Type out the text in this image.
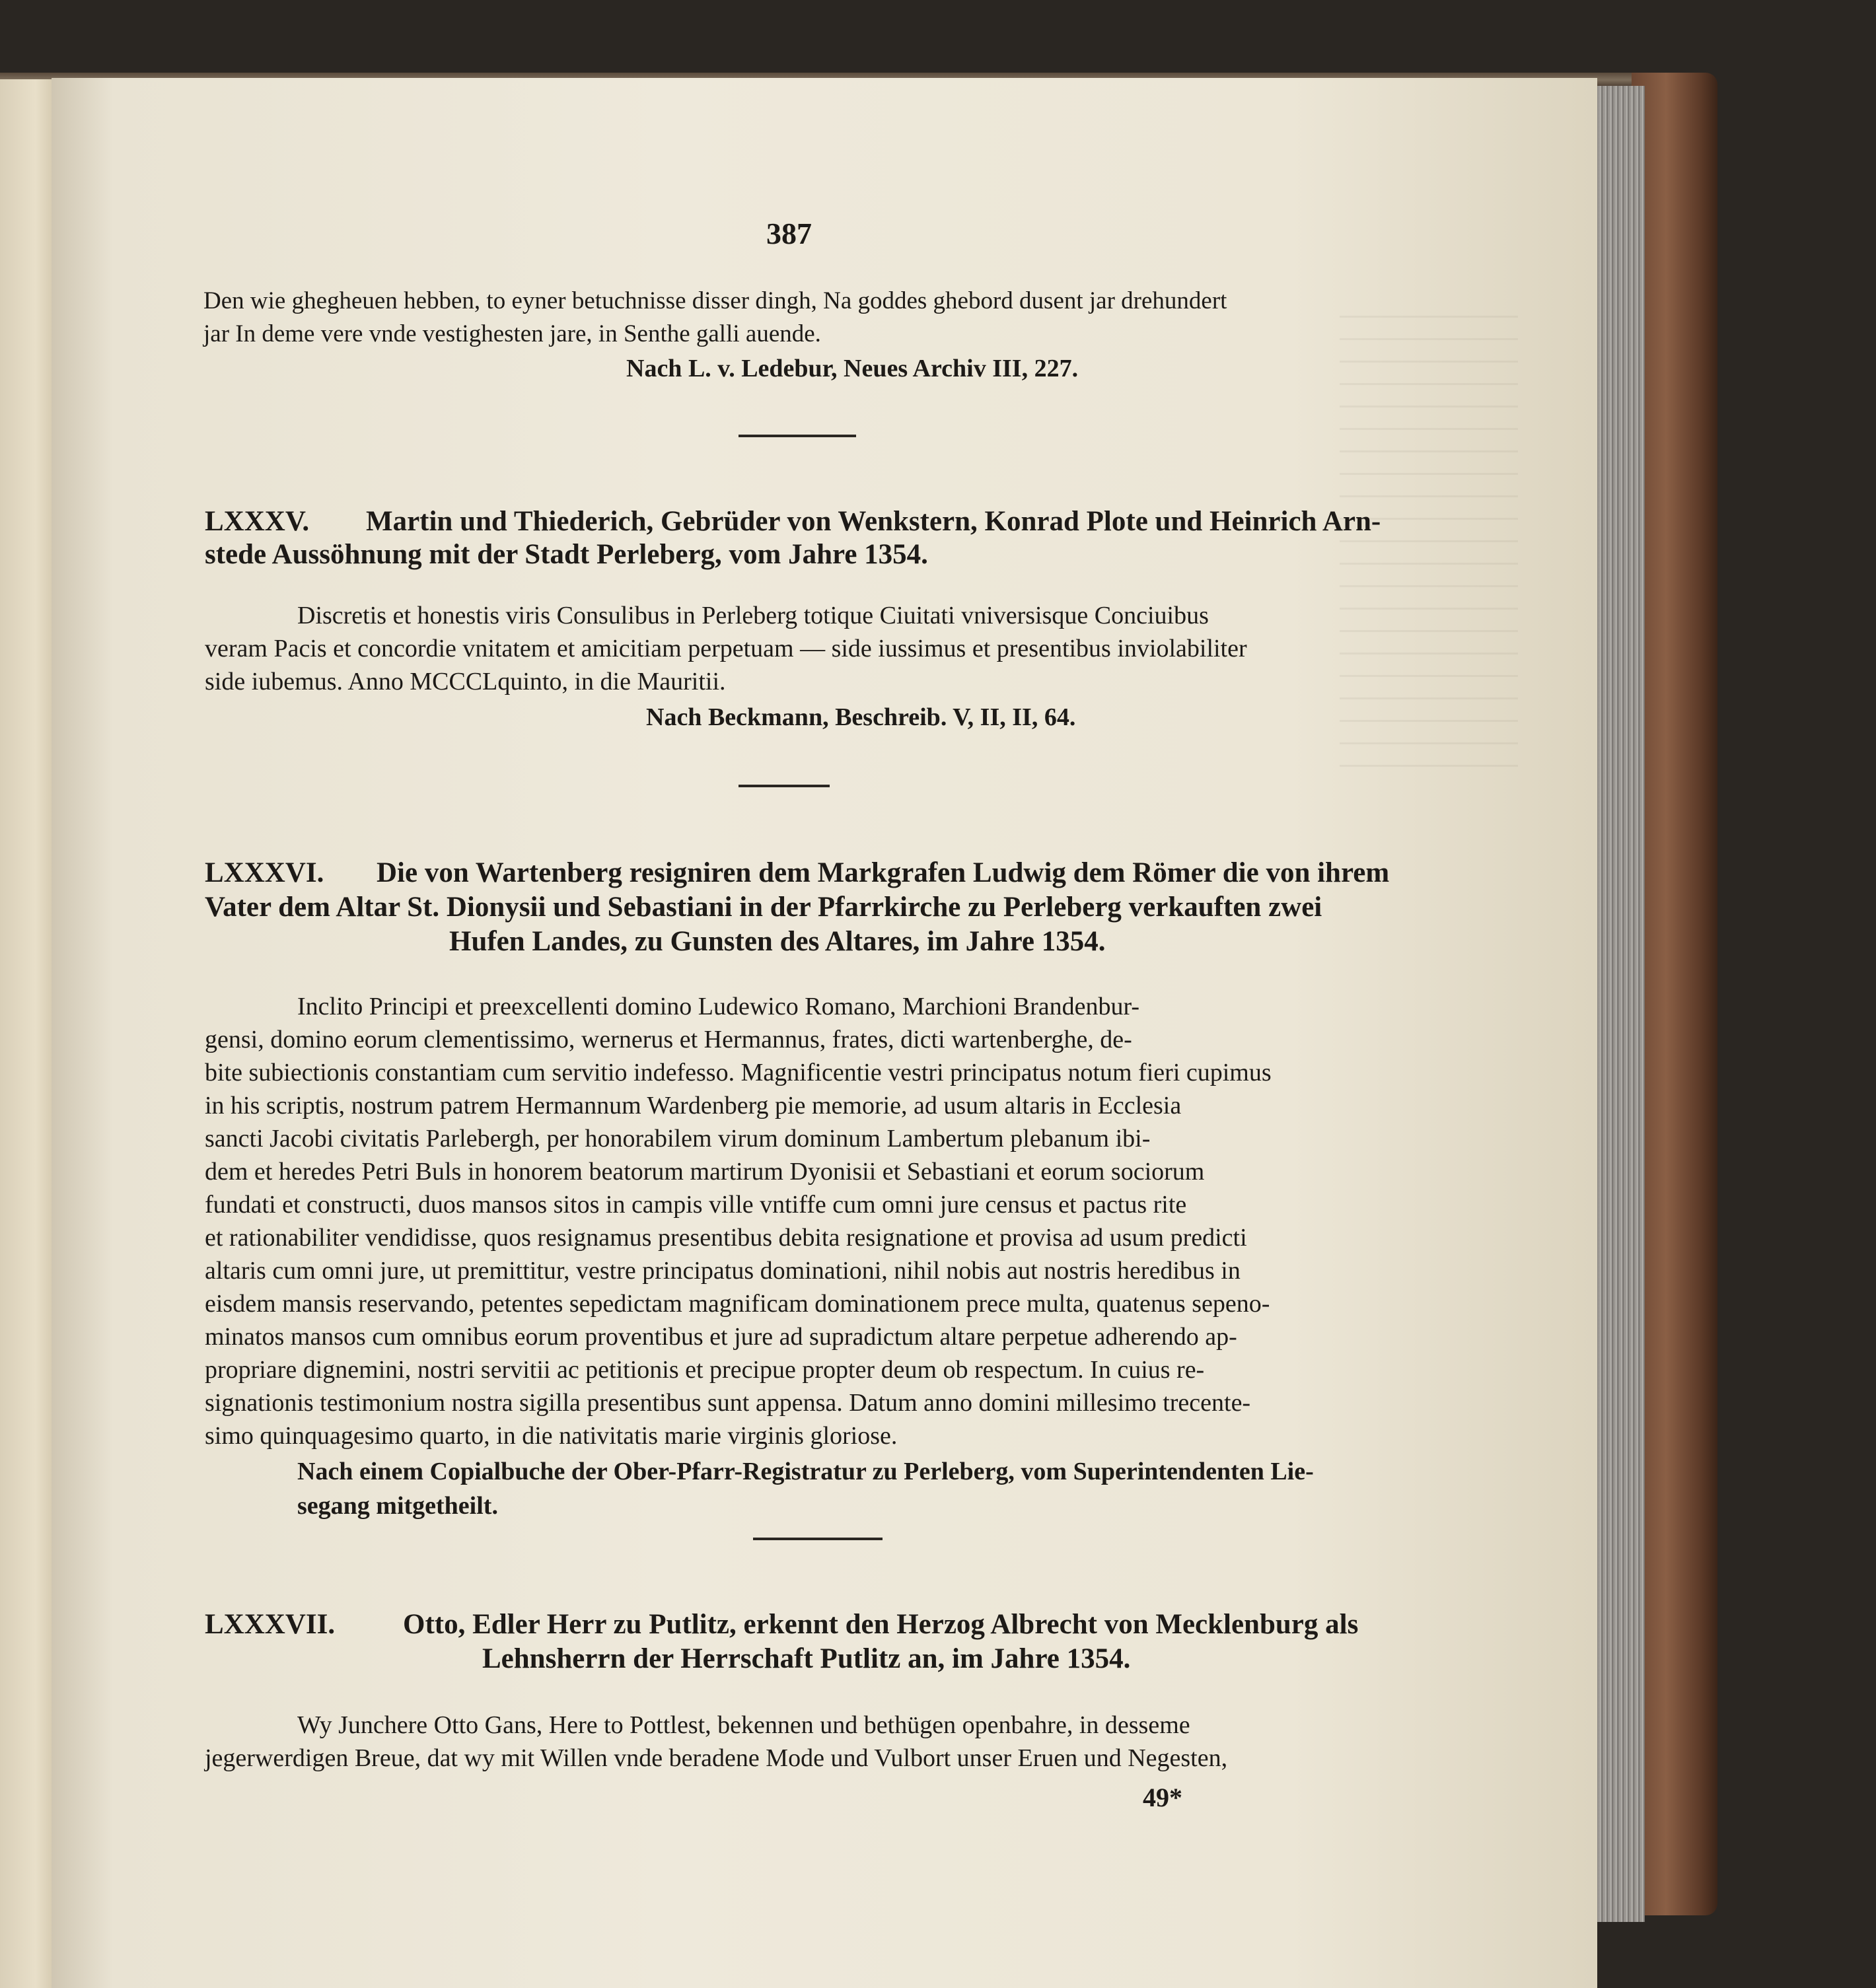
387
Den wie ghegheuen hebben, to eyner betuchnisse disser dingh, Na goddes ghebord dusent jar drehundert
jar In deme vere vnde vestighesten jare, in Senthe galli auende.
Nach L. v. Ledebur, Neues Archiv III, 227.
LXXXV. Martin und Thiederich, Gebrüder von Wenkstern, Konrad Plote und Heinrich Arn-
stede Aussöhnung mit der Stadt Perleberg, vom Jahre 1354.
Discretis et honestis viris Consulibus in Perleberg totique Ciuitati vniversisque Conciuibus
veram Pacis et concordie vnitatem et amicitiam perpetuam — side iussimus et presentibus inviolabiliter
side iubemus. Anno MCCCLquinto, in die Mauritii.
Nach Beckmann, Beschreib. V, II, II, 64.
LXXXVI. Die von Wartenberg resigniren dem Markgrafen Ludwig dem Römer die von ihrem
Vater dem Altar St. Dionysii und Sebastiani in der Pfarrkirche zu Perleberg verkauften zwei
Hufen Landes, zu Gunsten des Altares, im Jahre 1354.
Inclito Principi et preexcellenti domino Ludewico Romano, Marchioni Brandenbur-
gensi, domino eorum clementissimo, wernerus et Hermannus, frates, dicti wartenberghe, de-
bite subiectionis constantiam cum servitio indefesso. Magnificentie vestri principatus notum fieri cupimus
in his scriptis, nostrum patrem Hermannum Wardenberg pie memorie, ad usum altaris in Ecclesia
sancti Jacobi civitatis Parlebergh, per honorabilem virum dominum Lambertum plebanum ibi-
dem et heredes Petri Buls in honorem beatorum martirum Dyonisii et Sebastiani et eorum sociorum
fundati et constructi, duos mansos sitos in campis ville vntiffe cum omni jure census et pactus rite
et rationabiliter vendidisse, quos resignamus presentibus debita resignatione et provisa ad usum predicti
altaris cum omni jure, ut premittitur, vestre principatus dominationi, nihil nobis aut nostris heredibus in
eisdem mansis reservando, petentes sepedictam magnificam dominationem prece multa, quatenus sepeno-
minatos mansos cum omnibus eorum proventibus et jure ad supradictum altare perpetue adherendo ap-
propriare dignemini, nostri servitii ac petitionis et precipue propter deum ob respectum. In cuius re-
signationis testimonium nostra sigilla presentibus sunt appensa. Datum anno domini millesimo trecente-
simo quinquagesimo quarto, in die nativitatis marie virginis gloriose.
Nach einem Copialbuche der Ober-Pfarr-Registratur zu Perleberg, vom Superintendenten Lie-
segang mitgetheilt.
LXXXVII. Otto, Edler Herr zu Putlitz, erkennt den Herzog Albrecht von Mecklenburg als
Lehnsherrn der Herrschaft Putlitz an, im Jahre 1354.
Wy Junchere Otto Gans, Here to Pottlest, bekennen und bethügen openbahre, in desseme
jegerwerdigen Breue, dat wy mit Willen vnde beradene Mode und Vulbort unser Eruen und Negesten,
49*
